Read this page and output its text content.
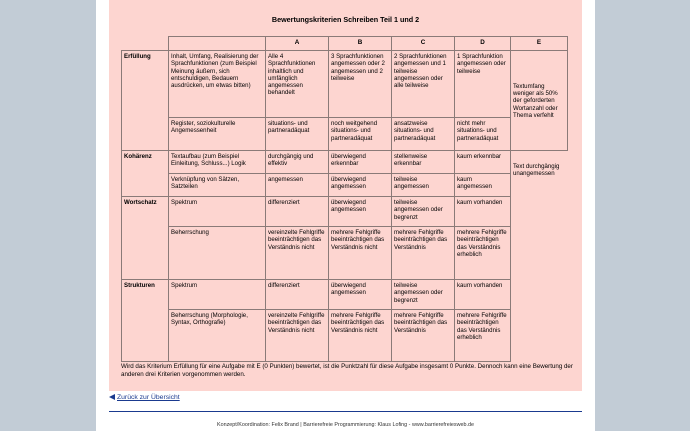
Bewertungskriterien Schreiben Teil 1 und 2
		A	B	C	D	E
Erfüllung	Inhalt, Umfang, Realisierung der Sprachfunktionen (zum Beispiel Meinung äußern, sich entschuldigen, Bedauern ausdrücken, um etwas bitten)	Alle 4 Sprachfunktionen inhaltlich und umfänglich angemessen behandelt	3 Sprachfunktionen angemessen oder 2 angemessen und 2 teilweise	2 Sprachfunktionen angemessen und 1 teilweise angemessen oder alle teilweise	1 Sprachfunktion angemessen oder teilweise	Textumfang weniger als 50% der geforderten Wortanzahl oder Thema verfehlt
	Register, soziokulturelle Angemessenheit	situations- und partneradäquat	noch weitgehend situations- und partneradäquat	ansatzweise situations- und partneradäquat	nicht mehr situations- und partneradäquat	
Kohärenz	Textaufbau (zum Beispiel Einleitung, Schluss...) Logik	durchgängig und effektiv	überwiegend erkennbar	stellenweise erkennbar	kaum erkennbar	Text durchgängig unangemessen
	Verknüpfung von Sätzen, Satzteilen	angemessen	überwiegend angemessen	teilweise angemessen	kaum angemessen	
Wortschatz	Spektrum	differenziert	überwiegend angemessen	teilweise angemessen oder begrenzt	kaum vorhanden	
	Beherrschung	vereinzelte Fehlgriffe beeinträchtigen das Verständnis nicht	mehrere Fehlgriffe beeinträchtigen das Verständnis nicht	mehrere Fehlgriffe beeinträchtigen das Verständnis	mehrere Fehlgriffe beeinträchtigen das Verständnis erheblich	
Strukturen	Spektrum	differenziert	überwiegend angemessen	teilweise angemessen oder begrenzt	kaum vorhanden	
	Beherrschung (Morphologie, Syntax, Orthografie)	vereinzelte Fehlgriffe beeinträchtigen das Verständnis nicht	mehrere Fehlgriffe beeinträchtigen das Verständnis nicht	mehrere Fehlgriffe beeinträchtigen das Verständnis	mehrere Fehlgriffe beeinträchtigen das Verständnis erheblich	
Wird das Kriterium Erfüllung für eine Aufgabe mit E (0 Punkten) bewertet, ist die Punktzahl für diese Aufgabe insgesamt 0 Punkte. Dennoch kann eine Bewertung der anderen drei Kriterien vorgenommen werden.
Zurück zur Übersicht
Konzept/Koordination: Felix Brand | Barrierefreie Programmierung: Klaus Lofing - www.barrierefreiesweb.de
